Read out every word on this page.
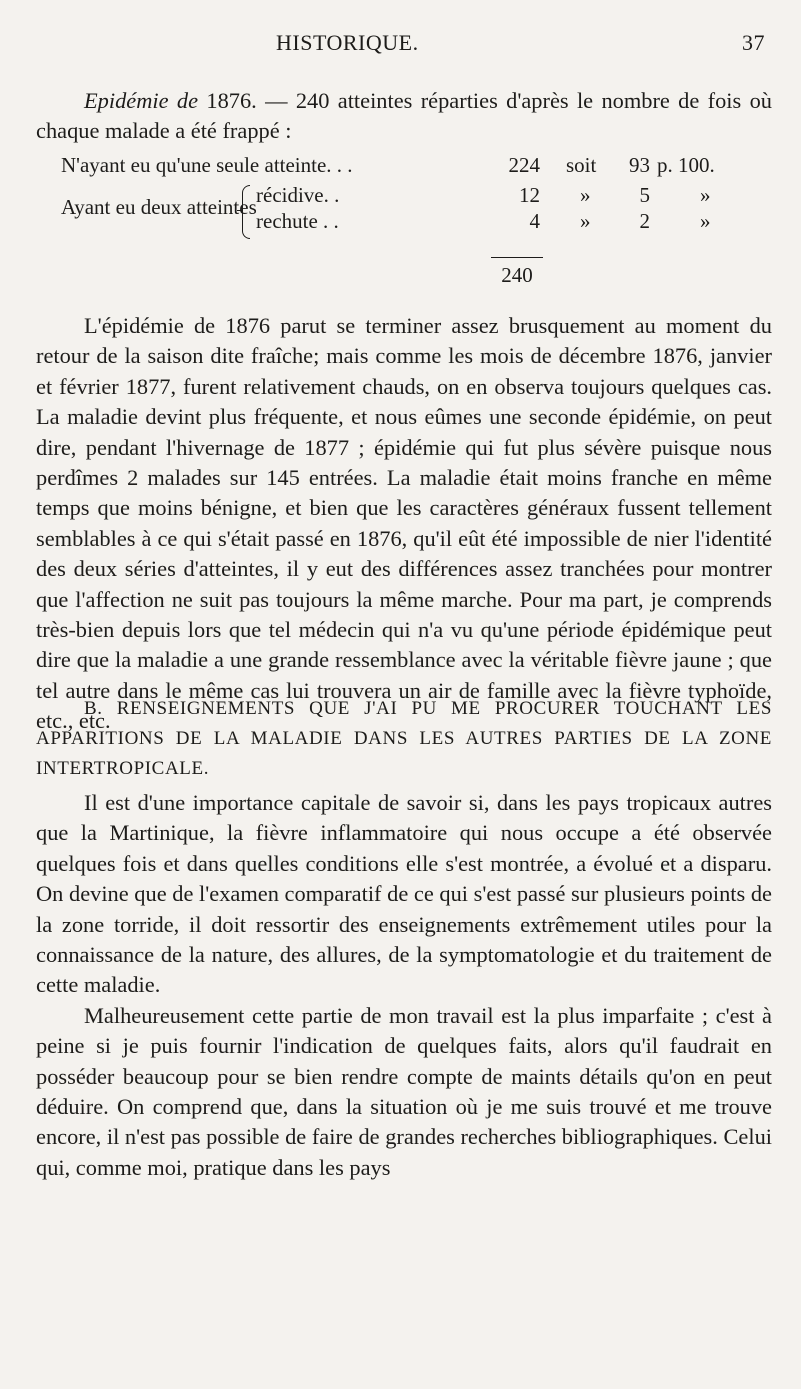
HISTORIQUE.	37

Epidémie de 1876. — 240 atteintes réparties d'après le nombre de fois où chaque malade a été frappé :

N'ayant eu qu'une seule atteinte. . .	224 soit	93 p. 100.
Ayant eu deux atteintes récidive. .	12 »	5 »
rechute . .	4 »	2 »
240

L'épidémie de 1876 parut se terminer assez brusquement au moment du retour de la saison dite fraîche; mais comme les mois de décembre 1876, janvier et février 1877, furent relativement chauds, on en observa toujours quelques cas. La maladie devint plus fréquente, et nous eûmes une seconde épidémie, on peut dire, pendant l'hivernage de 1877 ; épidémie qui fut plus sévère puisque nous perdîmes 2 malades sur 145 entrées. La maladie était moins franche en même temps que moins bénigne, et bien que les caractères généraux fussent tellement semblables à ce qui s'était passé en 1876, qu'il eût été impossible de nier l'identité des deux séries d'atteintes, il y eut des différences assez tranchées pour montrer que l'affection ne suit pas toujours la même marche. Pour ma part, je comprends très-bien depuis lors que tel médecin qui n'a vu qu'une période épidémique peut dire que la maladie a une grande ressemblance avec la véritable fièvre jaune ; que tel autre dans le même cas lui trouvera un air de famille avec la fièvre typhoïde, etc., etc.

B. RENSEIGNEMENTS QUE J'AI PU ME PROCURER TOUCHANT LES APPARITIONS DE LA MALADIE DANS LES AUTRES PARTIES DE LA ZONE INTERTROPICALE.

Il est d'une importance capitale de savoir si, dans les pays tropicaux autres que la Martinique, la fièvre inflammatoire qui nous occupe a été observée quelques fois et dans quelles conditions elle s'est montrée, a évolué et a disparu. On devine que de l'examen comparatif de ce qui s'est passé sur plusieurs points de la zone torride, il doit ressortir des enseignements extrêmement utiles pour la connaissance de la nature, des allures, de la symptomatologie et du traitement de cette maladie.

Malheureusement cette partie de mon travail est la plus imparfaite ; c'est à peine si je puis fournir l'indication de quelques faits, alors qu'il faudrait en posséder beaucoup pour se bien rendre compte de maints détails qu'on en peut déduire. On comprend que, dans la situation où je me suis trouvé et me trouve encore, il n'est pas possible de faire de grandes recherches bibliographiques. Celui qui, comme moi, pratique dans les pays
